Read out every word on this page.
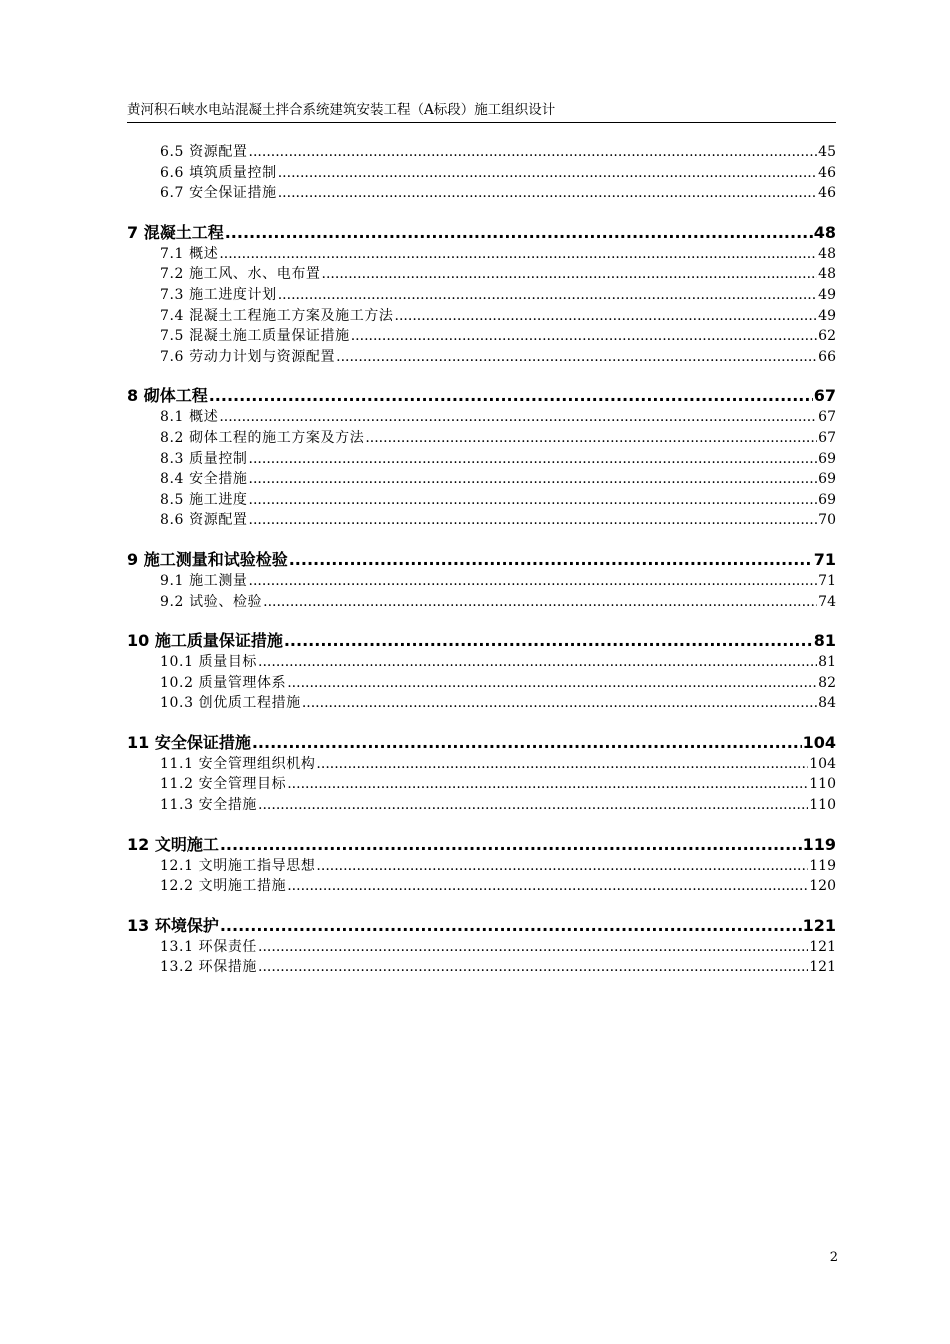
黄河积石峡水电站混凝土拌合系统建筑安装工程（A标段）施工组织设计
6.5 资源配置 .....	45
6.6 填筑质量控制 .....	46
6.7 安全保证措施 .....	46
7 混凝土工程 .....	48
7.1 概述 .....	48
7.2 施工风、水、电布置 .....	48
7.3 施工进度计划 .....	49
7.4 混凝土工程施工方案及施工方法 .....	49
7.5 混凝土施工质量保证措施 .....	62
7.6 劳动力计划与资源配置 .....	66
8 砌体工程 .....	67
8.1 概述 .....	67
8.2 砌体工程的施工方案及方法 .....	67
8.3 质量控制 .....	69
8.4 安全措施 .....	69
8.5 施工进度 .....	69
8.6 资源配置 .....	70
9 施工测量和试验检验 .....	71
9.1 施工测量 .....	71
9.2 试验、检验 .....	74
10 施工质量保证措施 .....	81
10.1 质量目标 .....	81
10.2 质量管理体系 .....	82
10.3 创优质工程措施 .....	84
11 安全保证措施 .....	104
11.1 安全管理组织机构 .....	104
11.2 安全管理目标 .....	110
11.3 安全措施 .....	110
12 文明施工 .....	119
12.1 文明施工指导思想 .....	119
12.2 文明施工措施 .....	120
13 环境保护 .....	121
13.1 环保责任 .....	121
13.2 环保措施 .....	121
2
